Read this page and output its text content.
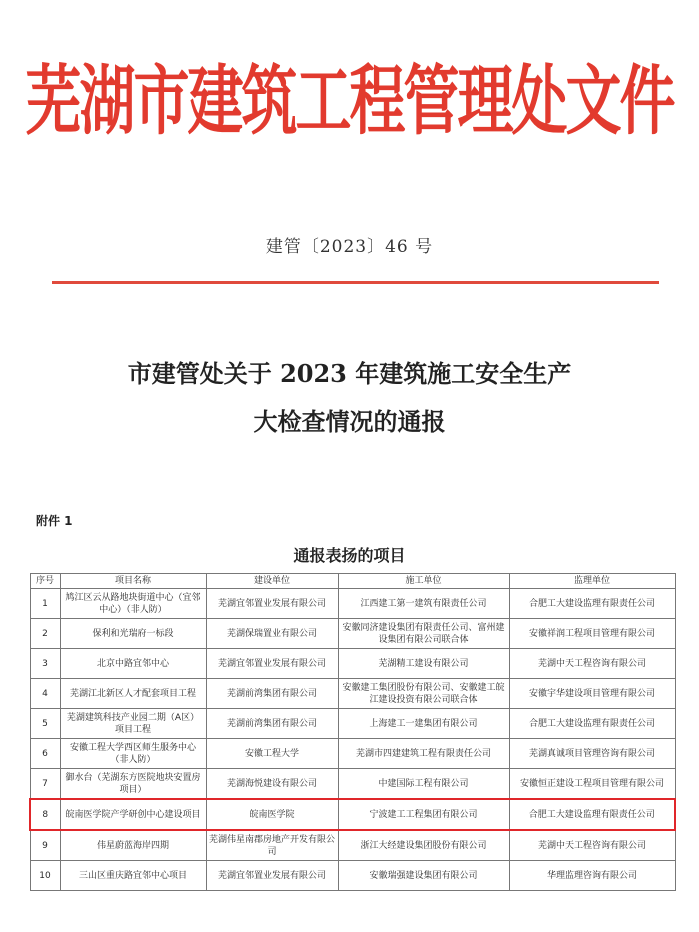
芜湖市建筑工程管理处文件
建管〔2023〕46 号
市建管处关于 2023 年建筑施工安全生产
大检查情况的通报
附件 1
通报表扬的项目
序号	项目名称	建设单位	施工单位	监理单位
1	鸠江区云从路地块街道中心（宜邻中心）（非人防）	芜湖宜邻置业发展有限公司	江西建工第一建筑有限责任公司	合肥工大建设监理有限责任公司
2	保利和光瑞府一标段	芜湖保瑞置业有限公司	安徽同济建设集团有限责任公司、富州建设集团有限公司联合体	安徽祥润工程项目管理有限公司
3	北京中路宜邻中心	芜湖宜邻置业发展有限公司	芜湖精工建设有限公司	芜湖中天工程咨询有限公司
4	芜湖江北新区人才配套项目工程	芜湖前湾集团有限公司	安徽建工集团股份有限公司、安徽建工皖江建设投资有限公司联合体	安徽宇华建设项目管理有限公司
5	芜湖建筑科技产业园二期（A区）项目工程	芜湖前湾集团有限公司	上海建工一建集团有限公司	合肥工大建设监理有限责任公司
6	安徽工程大学西区师生服务中心（非人防）	安徽工程大学	芜湖市四建建筑工程有限责任公司	芜湖真诚项目管理咨询有限公司
7	御水台（芜湖东方医院地块安置房项目）	芜湖海悦建设有限公司	中建国际工程有限公司	安徽恒正建设工程项目管理有限公司
8	皖南医学院产学研创中心建设项目	皖南医学院	宁波建工工程集团有限公司	合肥工大建设监理有限责任公司
9	伟星蔚蓝海岸四期	芜湖伟星南郡房地产开发有限公司	浙江大经建设集团股份有限公司	芜湖中天工程咨询有限公司
10	三山区重庆路宜邻中心项目	芜湖宜邻置业发展有限公司	安徽瑞强建设集团有限公司	华理监理咨询有限公司
